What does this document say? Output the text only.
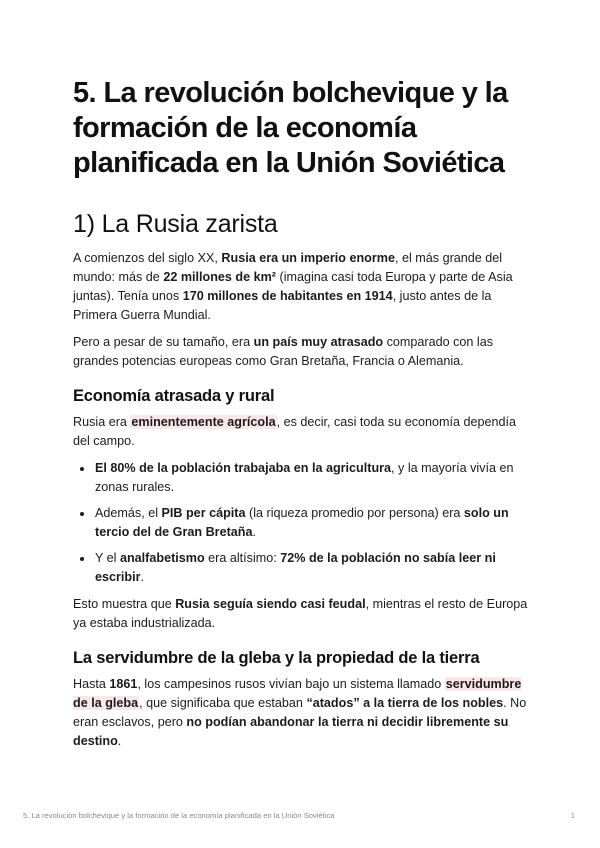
5. La revolución bolchevique y la formación de la economía planificada en la Unión Soviética
1) La Rusia zarista

A comienzos del siglo XX, Rusia era un imperio enorme, el más grande del mundo: más de 22 millones de km² (imagina casi toda Europa y parte de Asia juntas). Tenía unos 170 millones de habitantes en 1914, justo antes de la Primera Guerra Mundial.

Pero a pesar de su tamaño, era un país muy atrasado comparado con las grandes potencias europeas como Gran Bretaña, Francia o Alemania.

Economía atrasada y rural

Rusia era eminentemente agrícola, es decir, casi toda su economía dependía del campo.

• El 80% de la población trabajaba en la agricultura, y la mayoría vivía en zonas rurales.
• Además, el PIB per cápita (la riqueza promedio por persona) era solo un tercio del de Gran Bretaña.
• Y el analfabetismo era altísimo: 72% de la población no sabía leer ni escribir.

Esto muestra que Rusia seguía siendo casi feudal, mientras el resto de Europa ya estaba industrializada.

La servidumbre de la gleba y la propiedad de la tierra

Hasta 1861, los campesinos rusos vivían bajo un sistema llamado servidumbre de la gleba, que significaba que estaban “atados” a la tierra de los nobles. No eran esclavos, pero no podían abandonar la tierra ni decidir libremente su destino.

5. La revolución bolchevique y la formación de la economía planificada en la Unión Soviética	1
